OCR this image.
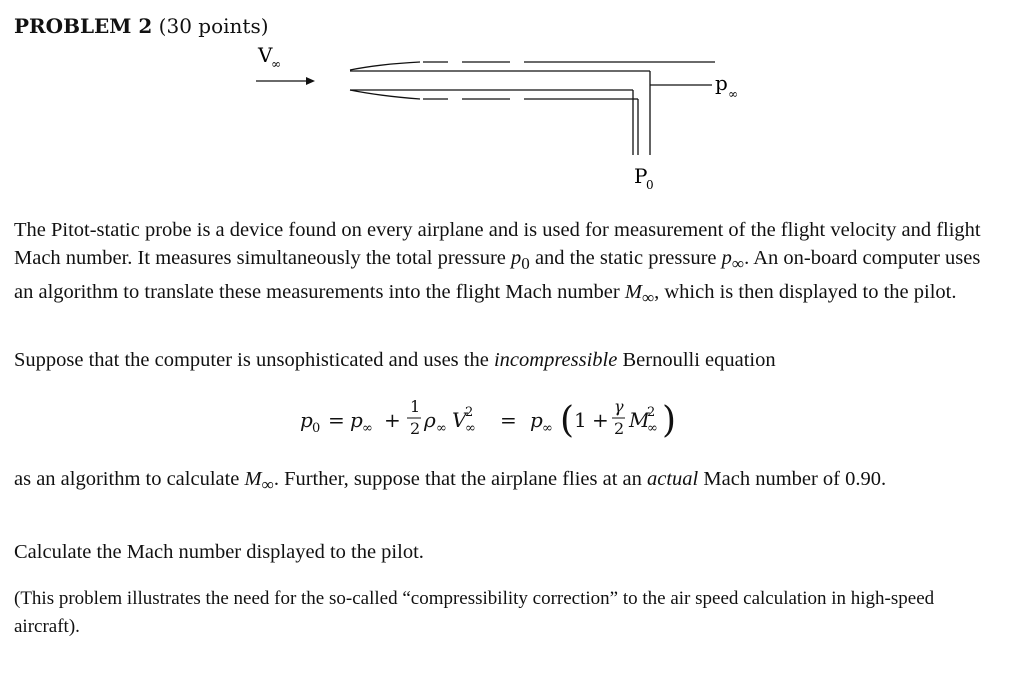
PROBLEM 2 (30 points)
V
∞
p ∞
P
0
The Pitot-static probe is a device found on every airplane and is used for measurement of the flight velocity and flight Mach number. It measures simultaneously the total pressure $p_0$ and the static pressure $p_\infty$. An on-board computer uses an algorithm to translate these measurements into the flight Mach number $M_\infty$, which is then displayed to the pilot.
Suppose that the computer is unsophisticated and uses the incompressible Bernoulli equation
p 0 = p ∞ +
1
2 ρ ∞ V
2
∞ = p ∞ ( 1 +
γ
2 M
2
∞ )
as an algorithm to calculate $M_\infty$. Further, suppose that the airplane flies at an actual Mach number of 0.90.
Calculate the Mach number displayed to the pilot.
(This problem illustrates the need for the so-called “compressibility correction” to the air speed calculation in high-speed aircraft).
